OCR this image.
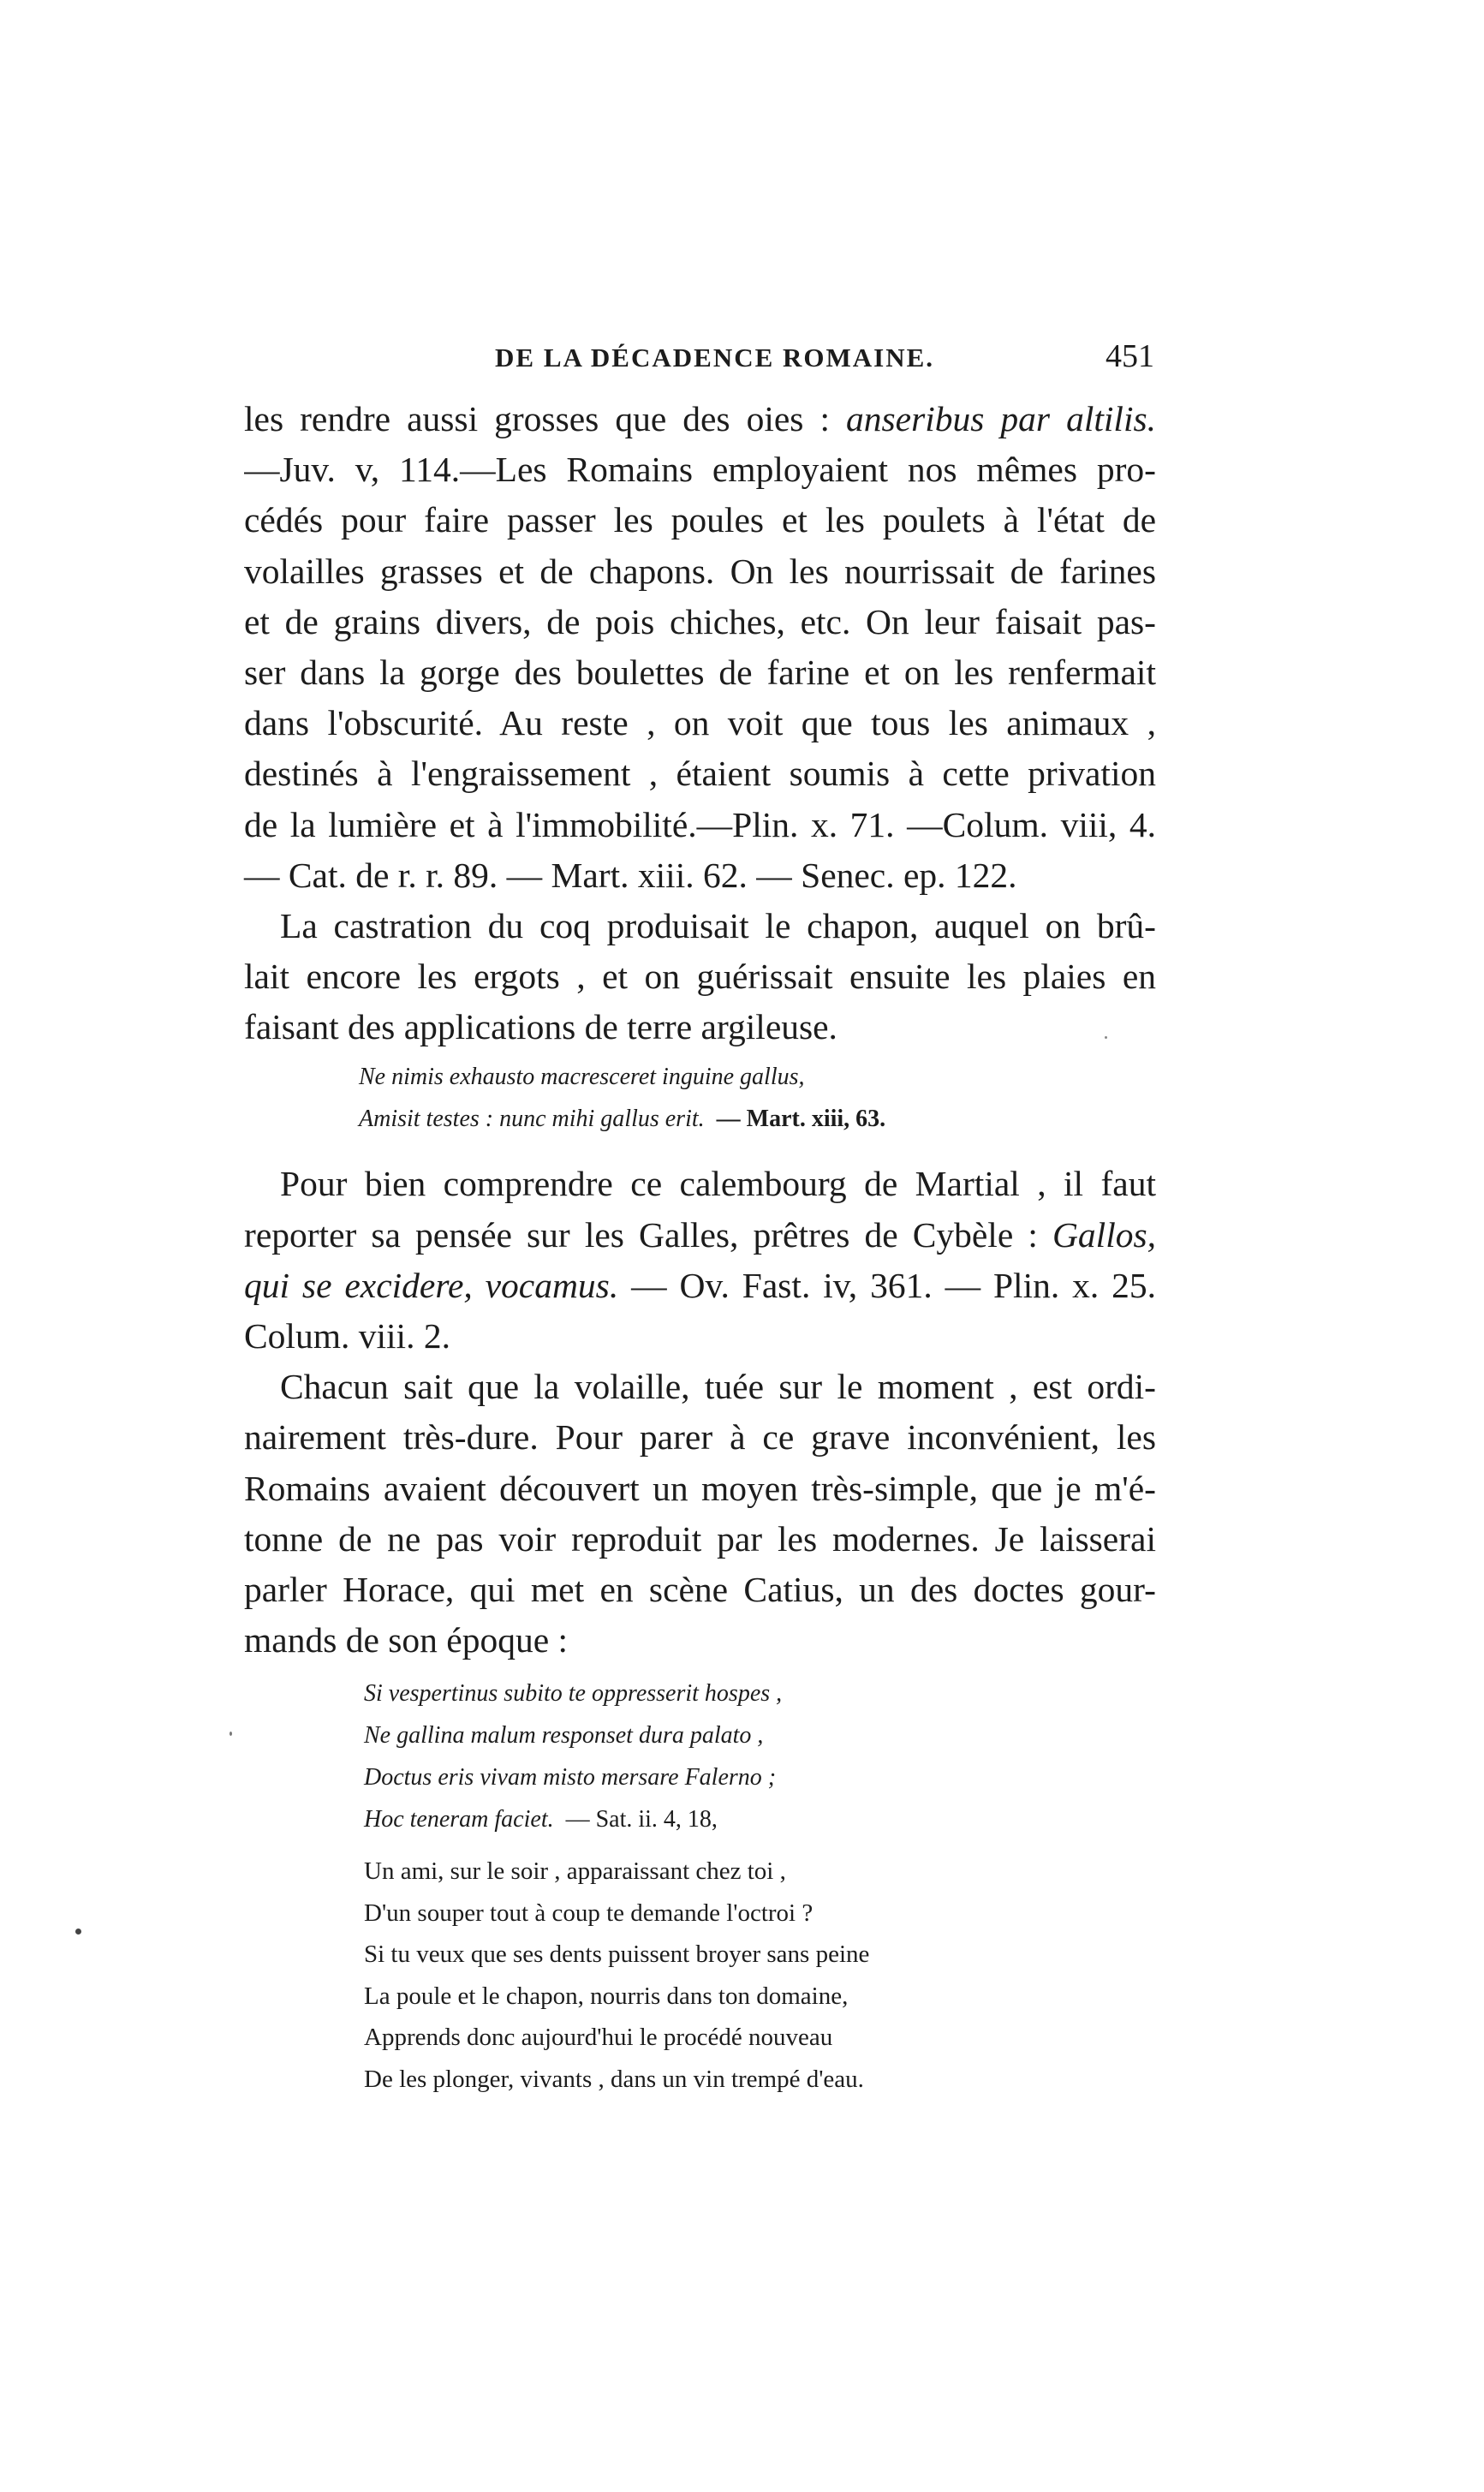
DE LA DÉCADENCE ROMAINE.	451

les rendre aussi grosses que des oies : anseribus par altilis.
—Juv. v, 114.—Les Romains employaient nos mêmes pro-
cédés pour faire passer les poules et les poulets à l'état de
volailles grasses et de chapons. On les nourrissait de farines
et de grains divers, de pois chiches, etc. On leur faisait pas-
ser dans la gorge des boulettes de farine et on les renfermait
dans l'obscurité. Au reste , on voit que tous les animaux ,
destinés à l'engraissement , étaient soumis à cette privation
de la lumière et à l'immobilité.—Plin. x. 71. —Colum. viii, 4.
— Cat. de r. r. 89. — Mart. xiii. 62. — Senec. ep. 122.

La castration du coq produisait le chapon, auquel on brû-
lait encore les ergots , et on guérissait ensuite les plaies en
faisant des applications de terre argileuse.

Ne nimis exhausto macresceret inguine gallus,
Amisit testes : nunc mihi gallus erit. — Mart. xiii, 63.

Pour bien comprendre ce calembourg de Martial , il faut
reporter sa pensée sur les Galles, prêtres de Cybèle : Gallos,
qui se excidere, vocamus. — Ov. Fast. iv, 361. — Plin. x. 25.
Colum. viii. 2.

Chacun sait que la volaille, tuée sur le moment , est ordi-
nairement très-dure. Pour parer à ce grave inconvénient, les
Romains avaient découvert un moyen très-simple, que je m'é-
tonne de ne pas voir reproduit par les modernes. Je laisserai
parler Horace, qui met en scène Catius, un des doctes gour-
mands de son époque :

Si vespertinus subito te oppresserit hospes ,
Ne gallina malum responset dura palato ,
Doctus eris vivam misto mersare Falerno ;
Hoc teneram faciet. — Sat. ii. 4, 18,
Un ami, sur le soir , apparaissant chez toi ,
D'un souper tout à coup te demande l'octroi ?
Si tu veux que ses dents puissent broyer sans peine
La poule et le chapon, nourris dans ton domaine,
Apprends donc aujourd'hui le procédé nouveau
De les plonger, vivants , dans un vin trempé d'eau.
